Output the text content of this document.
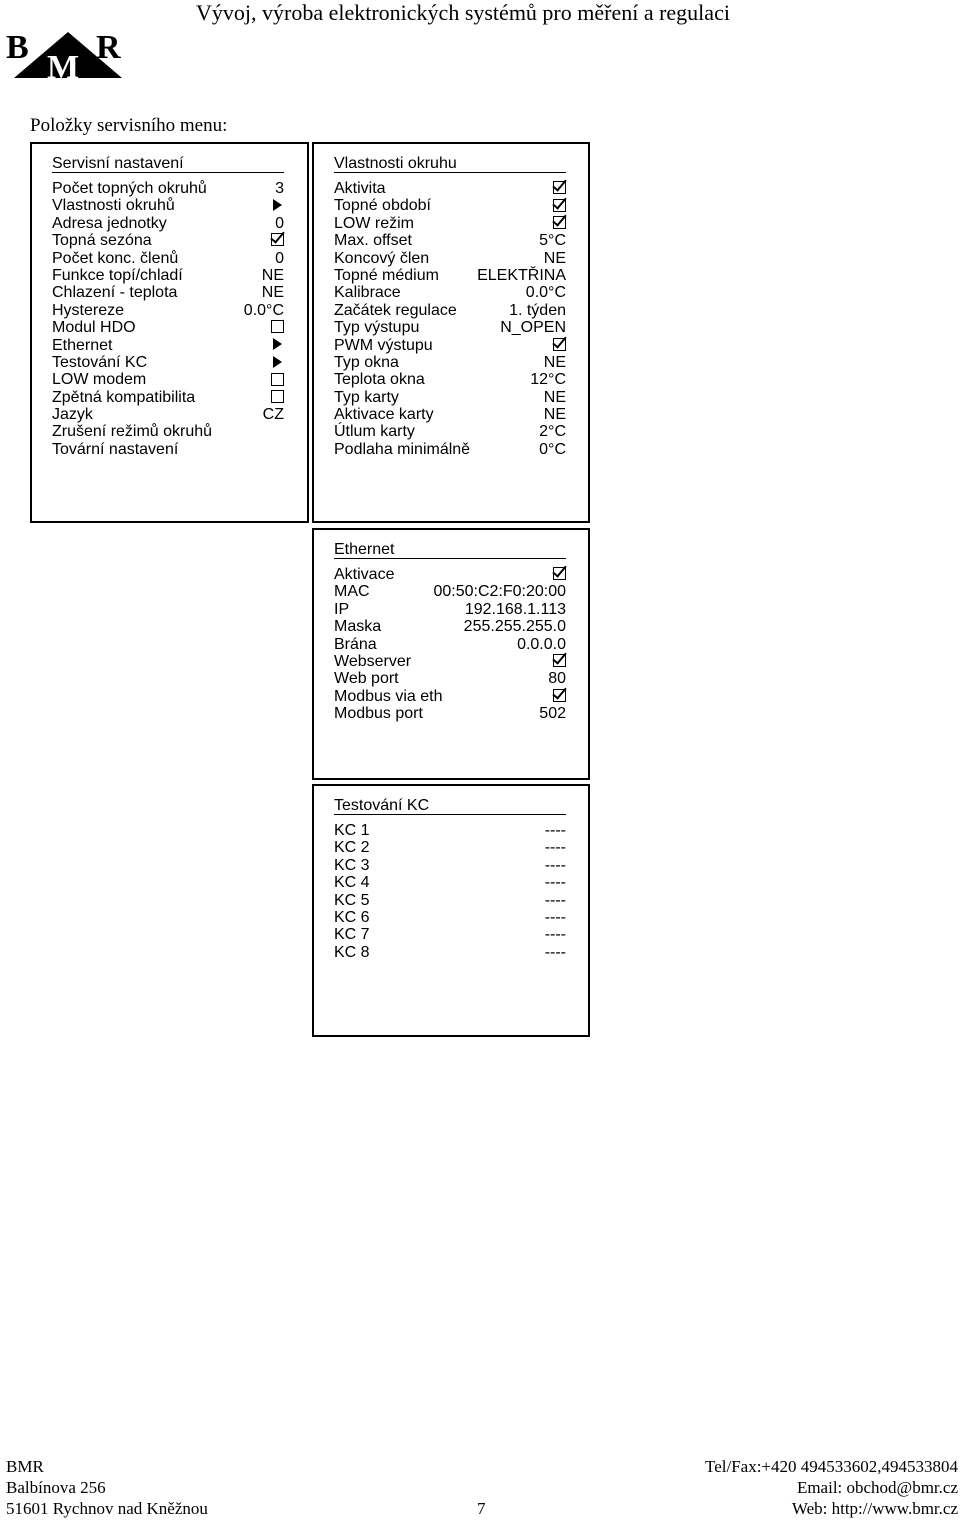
Vývoj, výroba elektronických systémů pro měření a regulaci
B R
M
Položky servisního menu:
Servisní nastavení
Počet topných okruhů	3
Vlastnosti okruhů
Adresa jednotky	0
Topná sezóna
Počet konc. členů	0
Funkce topí/chladí	NE
Chlazení - teplota	NE
Hystereze	0.0°C
Modul HDO
Ethernet
Testování KC
LOW modem
Zpětná kompatibilita
Jazyk	CZ
Zrušení režimů okruhů
Tovární nastavení
Vlastnosti okruhu
Aktivita
Topné období
LOW režim
Max. offset	5°C
Koncový člen	NE
Topné médium ELEKTŘINA
Kalibrace	0.0°C
Začátek regulace	1. týden
Typ výstupu	N_OPEN
PWM výstupu
Typ okna	NE
Teplota okna	12°C
Typ karty	NE
Aktivace karty	NE
Útlum karty	2°C
Podlaha minimálně	0°C
Ethernet
Aktivace
MAC	00:50:C2:F0:20:00
IP	192.168.1.113
Maska	255.255.255.0
Brána	0.0.0.0
Webserver
Web port	80
Modbus via eth
Modbus port	502
Testování KC
KC 1	----
KC 2	----
KC 3	----
KC 4	----
KC 5	----
KC 6	----
KC 7	----
KC 8	----
BMR
Balbínova 256
51601 Rychnov nad Kněžnou	7
Tel/Fax:+420 494533602,494533804
Email: obchod@bmr.cz
Web: http://www.bmr.cz
